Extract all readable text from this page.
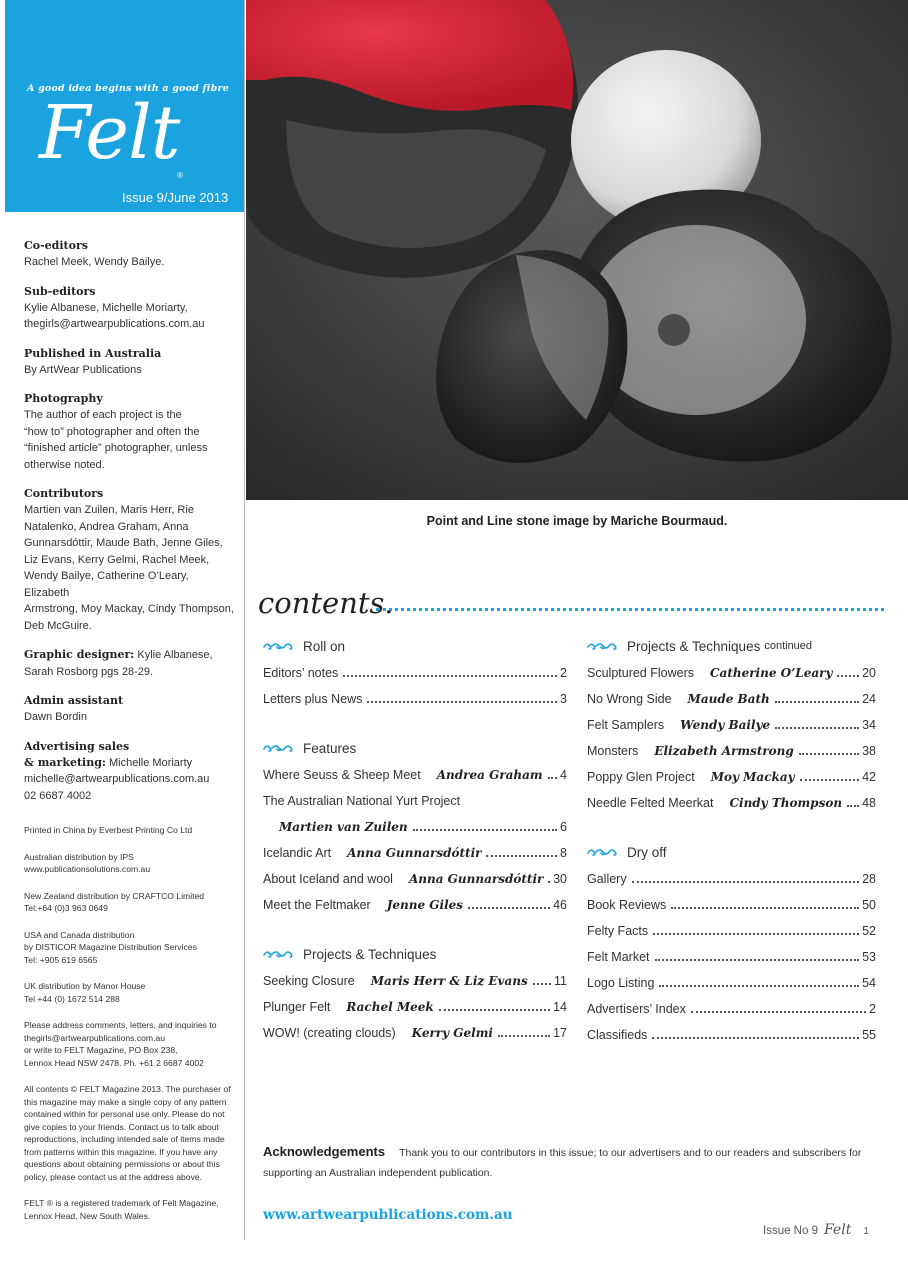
A good idea begins with a good fibre
Felt
®
Issue 9/June 2013
Co-editors

Rachel Meek, Wendy Bailye.

Sub-editors

Kylie Albanese, Michelle Moriarty,

thegirls@artwearpublications.com.au

Published in Australia

By ArtWear Publications

Photography

The author of each project is the

“how to” photographer and often the

“finished article” photographer, unless

otherwise noted.

Contributors

Martien van Zuilen, Maris Herr, Rie

Natalenko, Andrea Graham, Anna

Gunnarsdóttir, Maude Bath, Jenne Giles,

Liz Evans, Kerry Gelmi, Rachel Meek,

Wendy Bailye, Catherine O’Leary, Elizabeth

Armstrong, Moy Mackay, Cindy Thompson,

Deb McGuire.

Graphic designer: Kylie Albanese,

Sarah Rosborg pgs 28-29.

Admin assistant

Dawn Bordin

Advertising sales

& marketing: Michelle Moriarty

michelle@artwearpublications.com.au

02 6687 4002

Printed in China by Everbest Printing Co Ltd
Australian distribution by IPS
www.publicationsolutions.com.au
New Zealand distribution by CRAFTCO Limited
Tel:+64 (0)3 963 0649
USA and Canada distribution
by DISTICOR Magazine Distribution Services
Tel: +905 619 6565
UK distribution by Manor House
Tel +44 (0) 1672 514 288
Please address comments, letters, and inquiries to
thegirls@artwearpublications.com.au
or write to FELT Magazine, PO Box 238,
Lennox Head NSW 2478. Ph. +61 2 6687 4002
All contents © FELT Magazine 2013. The purchaser of
this magazine may make a single copy of any pattern
contained within for personal use only. Please do not
give copies to your friends. Contact us to talk about
reproductions, including intended sale of items made
from patterns within this magazine. If you have any
questions about obtaining permissions or about this
policy, please contact us at the address above.
FELT ® is a registered trademark of Felt Magazine,
Lennox Head, New South Wales.
Point and Line stone image by Mariche Bourmaud.
contents.
Roll on
Editors’ notes	2
Letters plus News	3
Features
Where Seuss & Sheep Meet Andrea Graham 4
The Australian National Yurt Project
Martien van Zuilen	6
Icelandic Art Anna Gunnarsdóttir	8
About Iceland and wool Anna Gunnarsdóttir 30
Meet the Feltmaker Jenne Giles	46
Projects & Techniques
Seeking Closure Maris Herr & Liz Evans 11
Plunger Felt Rachel Meek	14
WOW! (creating clouds) Kerry Gelmi	17
Projects & Techniques continued
Sculptured Flowers Catherine O’Leary 20
No Wrong Side Maude Bath	24
Felt Samplers Wendy Bailye	34
Monsters Elizabeth Armstrong	38
Poppy Glen Project Moy Mackay	42
Needle Felted Meerkat Cindy Thompson 48
Dry off
Gallery	28
Book Reviews	50
Felty Facts	52
Felt Market	53
Logo Listing	54
Advertisers’ Index	2
Classifieds	55
Acknowledgements Thank you to our contributors in this issue; to our advertisers and to our readers and subscribers for supporting an Australian independent publication.
www.artwearpublications.com.au
Issue No 9 Felt 1
